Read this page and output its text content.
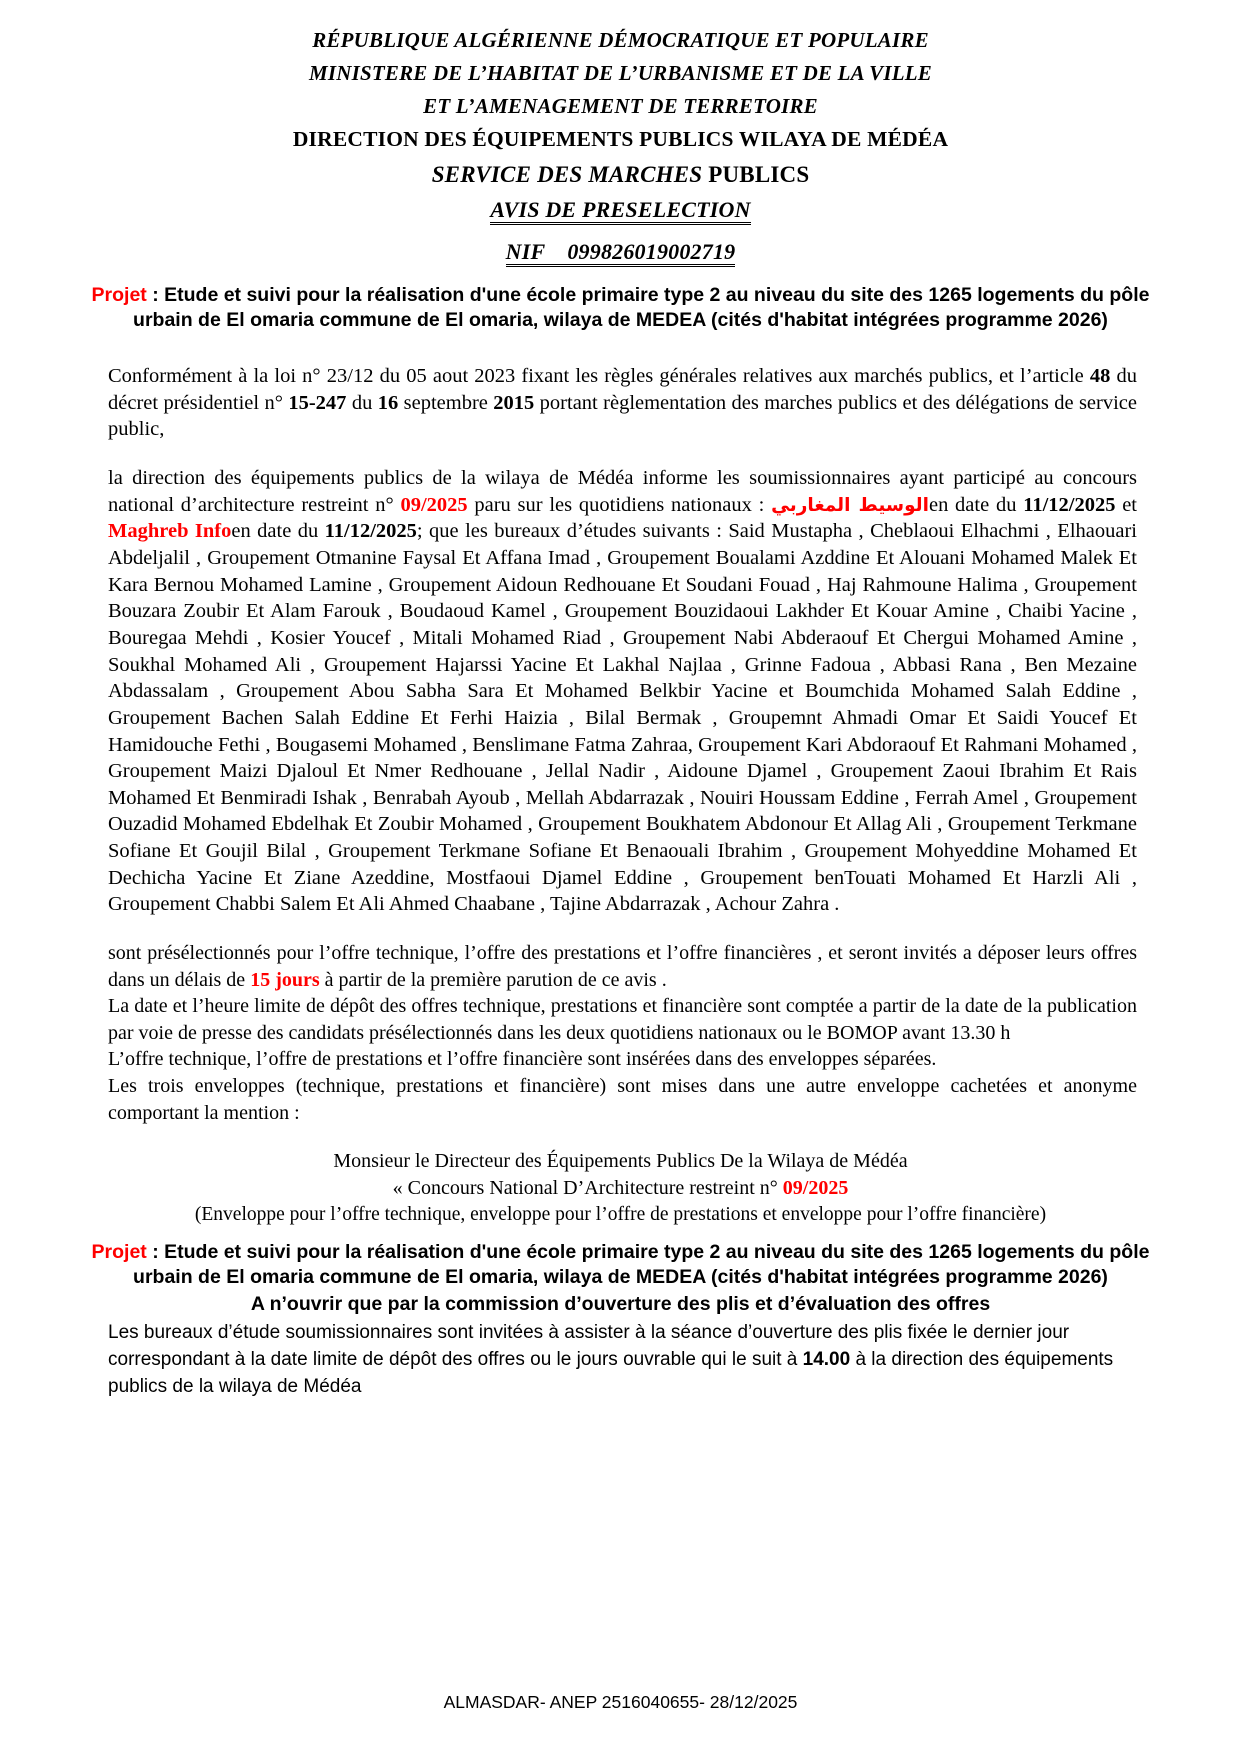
RÉPUBLIQUE ALGÉRIENNE DÉMOCRATIQUE ET POPULAIRE
MINISTERE DE L’HABITAT DE L’URBANISME ET DE LA VILLE
ET L’AMENAGEMENT DE TERRETOIRE
DIRECTION DES ÉQUIPEMENTS PUBLICS WILAYA DE MÉDÉA
SERVICE DES MARCHES PUBLICS
AVIS DE PRESELECTION
NIF 099826019002719
Projet : Etude et suivi pour la réalisation d'une école primaire type 2 au niveau du site des 1265 logements du pôle urbain de El omaria commune de El omaria, wilaya de MEDEA (cités d'habitat intégrées programme 2026)

Conformément à la loi n° 23/12 du 05 aout 2023 fixant les règles générales relatives aux marchés publics, et l’article 48 du décret présidentiel n° 15-247 du 16 septembre 2015 portant règlementation des marches publics et des délégations de service public,

la direction des équipements publics de la wilaya de Médéa informe les soumissionnaires ayant participé au concours national d’architecture restreint n° 09/2025 paru sur les quotidiens nationaux : الوسيط المغاربيen date du 11/12/2025 et Maghreb Infoen date du 11/12/2025; que les bureaux d’études suivants : Said Mustapha , Cheblaoui Elhachmi , Elhaouari Abdeljalil , Groupement Otmanine Faysal Et Affana Imad , Groupement Boualami Azddine Et Alouani Mohamed Malek Et Kara Bernou Mohamed Lamine , Groupement Aidoun Redhouane Et Soudani Fouad , Haj Rahmoune Halima , Groupement Bouzara Zoubir Et Alam Farouk , Boudaoud Kamel , Groupement Bouzidaoui Lakhder Et Kouar Amine , Chaibi Yacine , Bouregaa Mehdi , Kosier Youcef , Mitali Mohamed Riad , Groupement Nabi Abderaouf Et Chergui Mohamed Amine , Soukhal Mohamed Ali , Groupement Hajarssi Yacine Et Lakhal Najlaa , Grinne Fadoua , Abbasi Rana , Ben Mezaine Abdassalam , Groupement Abou Sabha Sara Et Mohamed Belkbir Yacine et Boumchida Mohamed Salah Eddine , Groupement Bachen Salah Eddine Et Ferhi Haizia , Bilal Bermak , Groupemnt Ahmadi Omar Et Saidi Youcef Et Hamidouche Fethi , Bougasemi Mohamed , Benslimane Fatma Zahraa, Groupement Kari Abdoraouf Et Rahmani Mohamed , Groupement Maizi Djaloul Et Nmer Redhouane , Jellal Nadir , Aidoune Djamel , Groupement Zaoui Ibrahim Et Rais Mohamed Et Benmiradi Ishak , Benrabah Ayoub , Mellah Abdarrazak , Nouiri Houssam Eddine , Ferrah Amel , Groupement Ouzadid Mohamed Ebdelhak Et Zoubir Mohamed , Groupement Boukhatem Abdonour Et Allag Ali , Groupement Terkmane Sofiane Et Goujil Bilal , Groupement Terkmane Sofiane Et Benaouali Ibrahim , Groupement Mohyeddine Mohamed Et Dechicha Yacine Et Ziane Azeddine, Mostfaoui Djamel Eddine , Groupement benTouati Mohamed Et Harzli Ali , Groupement Chabbi Salem Et Ali Ahmed Chaabane , Tajine Abdarrazak , Achour Zahra .

sont présélectionnés pour l’offre technique, l’offre des prestations et l’offre financières , et seront invités a déposer leurs offres dans un délais de 15 jours à partir de la première parution de ce avis .

La date et l’heure limite de dépôt des offres technique, prestations et financière sont comptée a partir de la date de la publication par voie de presse des candidats présélectionnés dans les deux quotidiens nationaux ou le BOMOP avant 13.30 h

L’offre technique, l’offre de prestations et l’offre financière sont insérées dans des enveloppes séparées.

Les trois enveloppes (technique, prestations et financière) sont mises dans une autre enveloppe cachetées et anonyme comportant la mention :

Monsieur le Directeur des Équipements Publics De la Wilaya de Médéa

« Concours National D’Architecture restreint n° 09/2025

(Enveloppe pour l’offre technique, enveloppe pour l’offre de prestations et enveloppe pour l’offre financière)

Projet : Etude et suivi pour la réalisation d'une école primaire type 2 au niveau du site des 1265 logements du pôle urbain de El omaria commune de El omaria, wilaya de MEDEA (cités d'habitat intégrées programme 2026)

A n’ouvrir que par la commission d’ouverture des plis et d’évaluation des offres

Les bureaux d’étude soumissionnaires sont invitées à assister à la séance d’ouverture des plis fixée le dernier jour correspondant à la date limite de dépôt des offres ou le jours ouvrable qui le suit à 14.00 à la direction des équipements publics de la wilaya de Médéa

ALMASDAR- ANEP 2516040655- 28/12/2025
